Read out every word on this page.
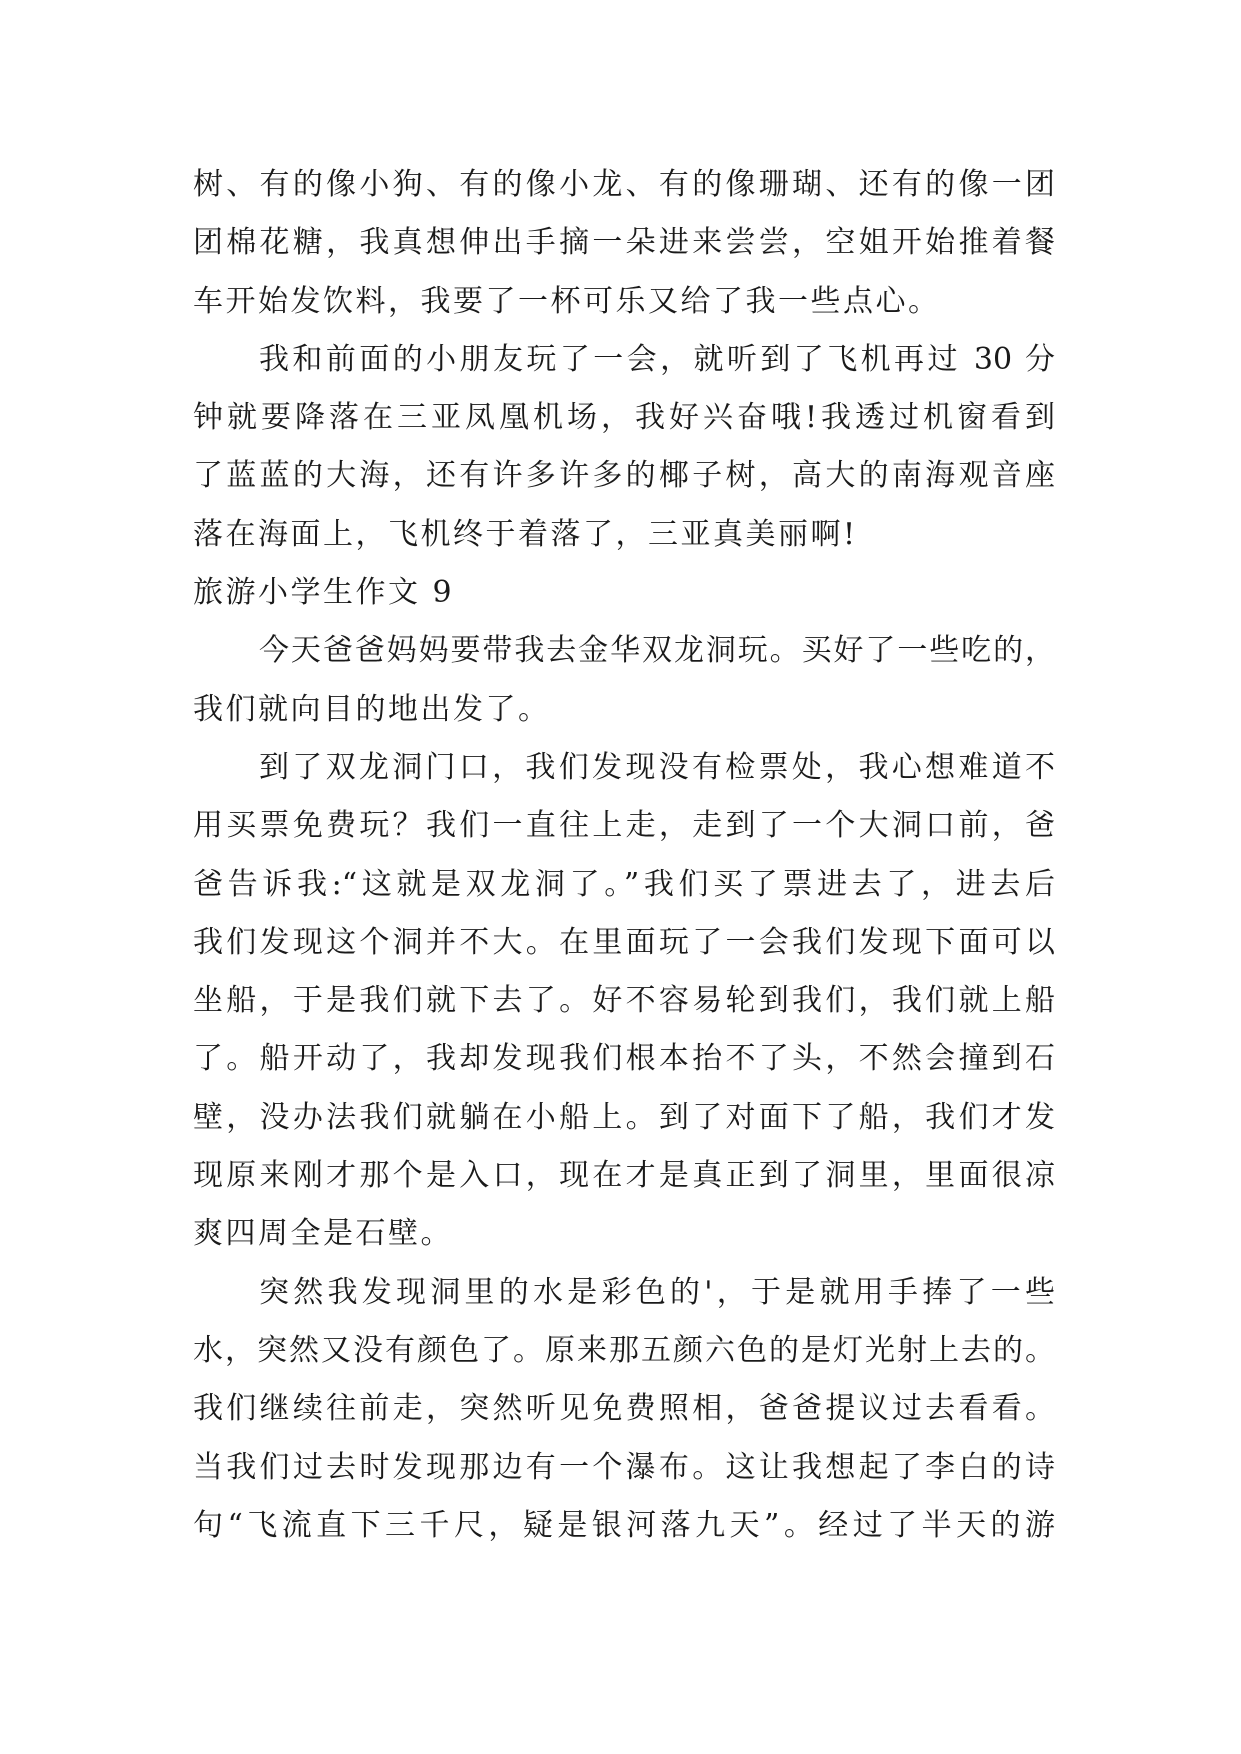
树、有的像小狗、有的像小龙、有的像珊瑚、还有的像一团
团棉花糖，我真想伸出手摘一朵进来尝尝，空姐开始推着餐
车开始发饮料，我要了一杯可乐又给了我一些点心。
我和前面的小朋友玩了一会，就听到了飞机再过 30 分
钟就要降落在三亚凤凰机场，我好兴奋哦!我透过机窗看到
了蓝蓝的大海，还有许多许多的椰子树，高大的南海观音座
落在海面上，飞机终于着落了，三亚真美丽啊!
旅游小学生作文 9
今天爸爸妈妈要带我去金华双龙洞玩。买好了一些吃的，
我们就向目的地出发了。
到了双龙洞门口，我们发现没有检票处，我心想难道不
用买票免费玩？我们一直往上走，走到了一个大洞口前，爸
爸告诉我:“这就是双龙洞了。”我们买了票进去了，进去后
我们发现这个洞并不大。在里面玩了一会我们发现下面可以
坐船，于是我们就下去了。好不容易轮到我们，我们就上船
了。船开动了，我却发现我们根本抬不了头，不然会撞到石
壁，没办法我们就躺在小船上。到了对面下了船，我们才发
现原来刚才那个是入口，现在才是真正到了洞里，里面很凉
爽四周全是石壁。
突然我发现洞里的水是彩色的'，于是就用手捧了一些
水，突然又没有颜色了。原来那五颜六色的是灯光射上去的。
我们继续往前走，突然听见免费照相，爸爸提议过去看看。
当我们过去时发现那边有一个瀑布。这让我想起了李白的诗
句“飞流直下三千尺，疑是银河落九天”。经过了半天的游
